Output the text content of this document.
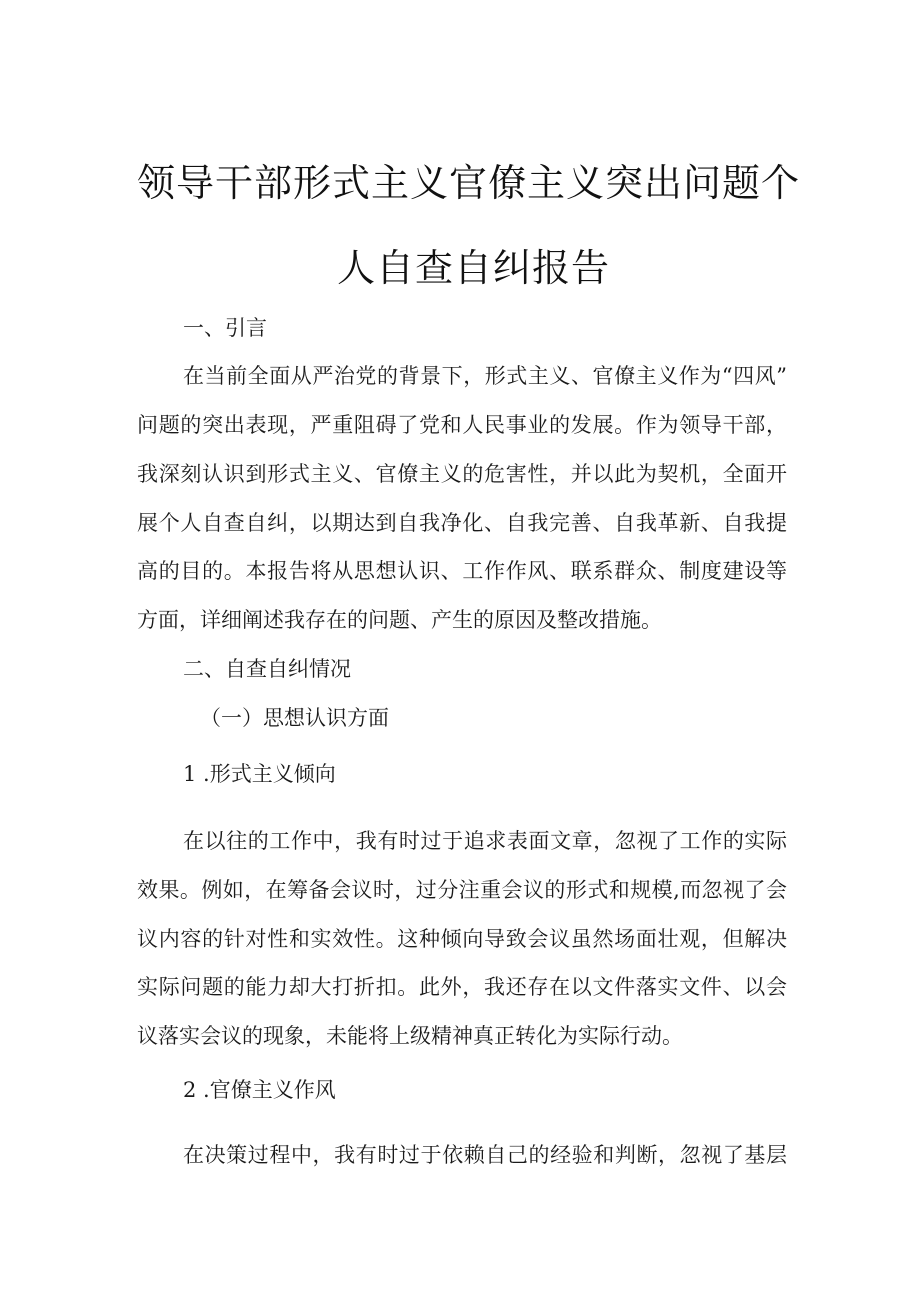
领导干部形式主义官僚主义突出问题个
人自查自纠报告
一、引言
在当前全面从严治党的背景下，形式主义、官僚主义作为“四风”
问题的突出表现，严重阻碍了党和人民事业的发展。作为领导干部，
我深刻认识到形式主义、官僚主义的危害性，并以此为契机，全面开
展个人自查自纠，以期达到自我净化、自我完善、自我革新、自我提
高的目的。本报告将从思想认识、工作作风、联系群众、制度建设等
方面，详细阐述我存在的问题、产生的原因及整改措施。
二、自查自纠情况
（一）思想认识方面
1 .形式主义倾向
在以往的工作中，我有时过于追求表面文章，忽视了工作的实际
效果。例如，在筹备会议时，过分注重会议的形式和规模,而忽视了会
议内容的针对性和实效性。这种倾向导致会议虽然场面壮观，但解决
实际问题的能力却大打折扣。此外，我还存在以文件落实文件、以会
议落实会议的现象，未能将上级精神真正转化为实际行动。
2 .官僚主义作风
在决策过程中，我有时过于依赖自己的经验和判断，忽视了基层
